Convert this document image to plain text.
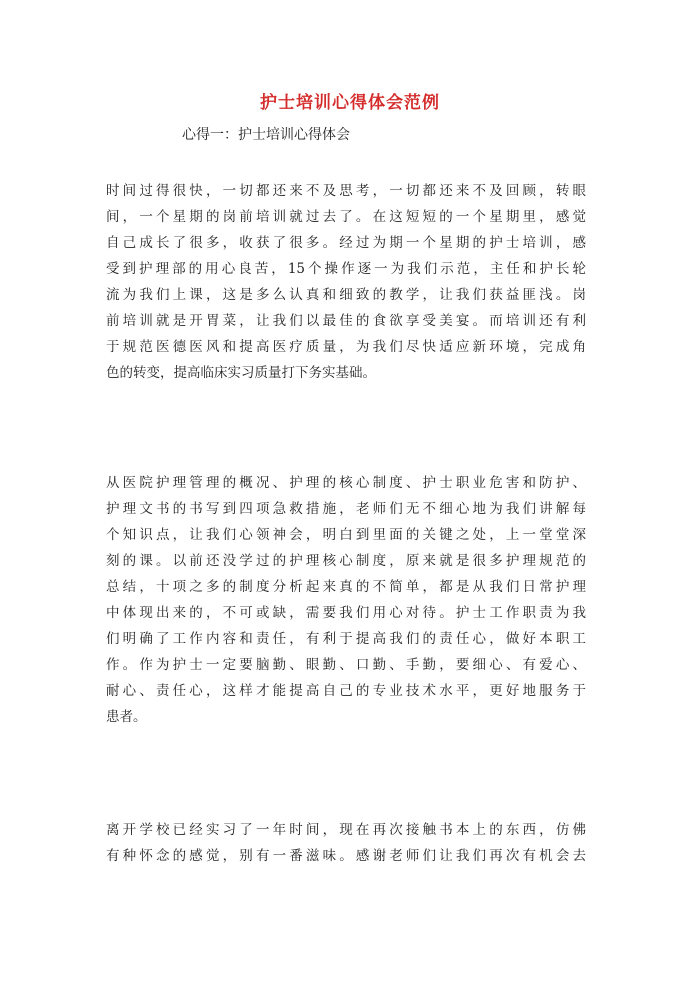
护士培训心得体会范例
心得一：护士培训心得体会
时间过得很快，一切都还来不及思考，一切都还来不及回顾，转眼
间，一个星期的岗前培训就过去了。在这短短的一个星期里，感觉
自己成长了很多，收获了很多。经过为期一个星期的护士培训，感
受到护理部的用心良苦，15个操作逐一为我们示范，主任和护长轮
流为我们上课，这是多么认真和细致的教学，让我们获益匪浅。岗
前培训就是开胃菜，让我们以最佳的食欲享受美宴。而培训还有利
于规范医德医风和提高医疗质量，为我们尽快适应新环境，完成角
色的转变，提高临床实习质量打下务实基础。
从医院护理管理的概况、护理的核心制度、护士职业危害和防护、
护理文书的书写到四项急救措施，老师们无不细心地为我们讲解每
个知识点，让我们心领神会，明白到里面的关键之处，上一堂堂深
刻的课。以前还没学过的护理核心制度，原来就是很多护理规范的
总结，十项之多的制度分析起来真的不简单，都是从我们日常护理
中体现出来的，不可或缺，需要我们用心对待。护士工作职责为我
们明确了工作内容和责任，有利于提高我们的责任心，做好本职工
作。作为护士一定要脑勤、眼勤、口勤、手勤，要细心、有爱心、
耐心、责任心，这样才能提高自己的专业技术水平，更好地服务于
患者。
离开学校已经实习了一年时间，现在再次接触书本上的东西，仿佛
有种怀念的感觉，别有一番滋味。感谢老师们让我们再次有机会去
